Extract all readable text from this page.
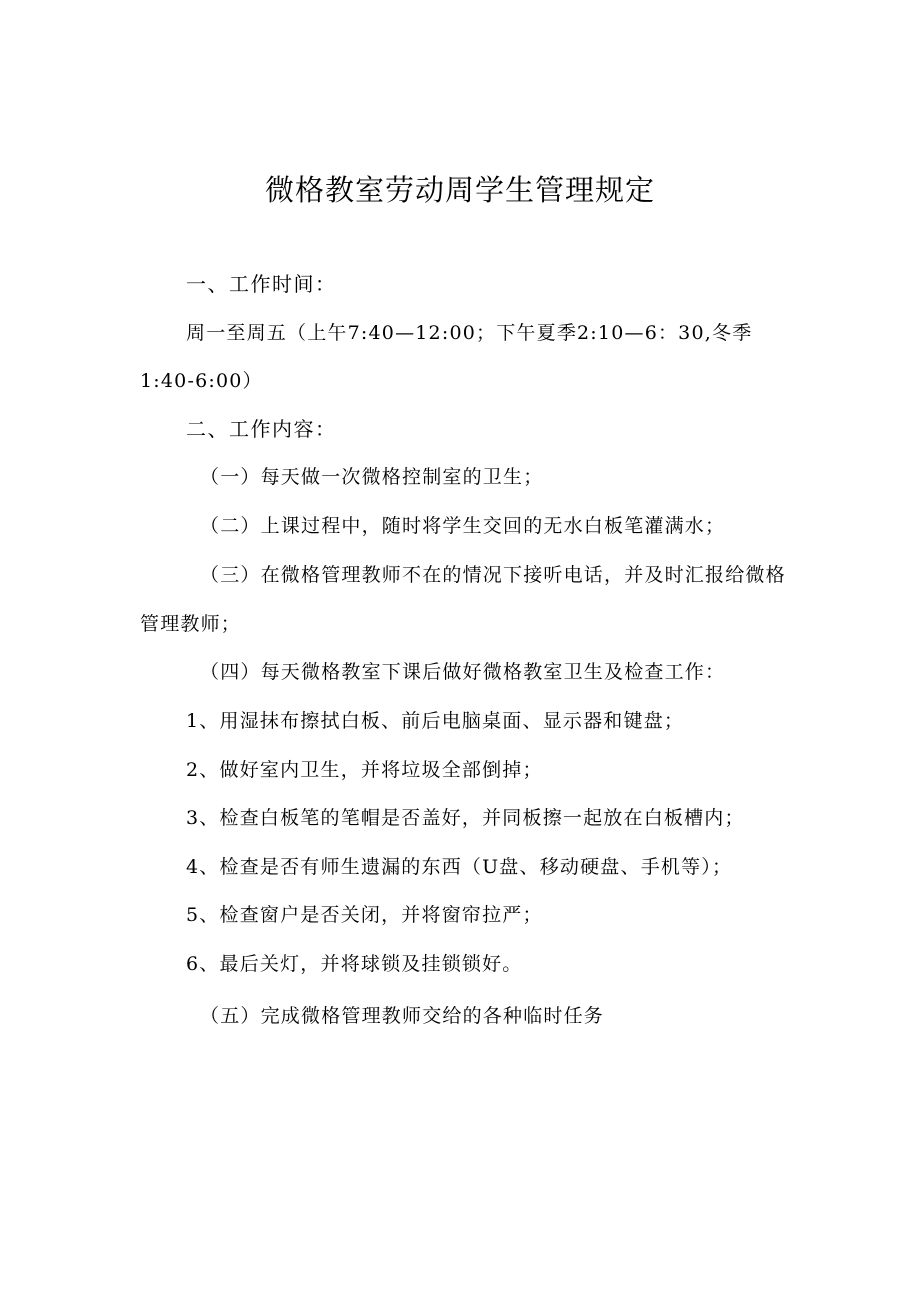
微格教室劳动周学生管理规定
一、工作时间：
周一至周五（上午7:40—12:00；下午夏季2:10—6：30,冬季
1:40-6:00）
二、工作内容：
（一）每天做一次微格控制室的卫生；
（二）上课过程中，随时将学生交回的无水白板笔灌满水；
（三）在微格管理教师不在的情况下接听电话，并及时汇报给微格
管理教师；
（四）每天微格教室下课后做好微格教室卫生及检查工作：
1、用湿抹布擦拭白板、前后电脑桌面、显示器和键盘；
2、做好室内卫生，并将垃圾全部倒掉；
3、检查白板笔的笔帽是否盖好，并同板擦一起放在白板槽内；
4、检查是否有师生遗漏的东西（U盘、移动硬盘、手机等）；
5、检查窗户是否关闭，并将窗帘拉严；
6、最后关灯，并将球锁及挂锁锁好。
（五）完成微格管理教师交给的各种临时任务
